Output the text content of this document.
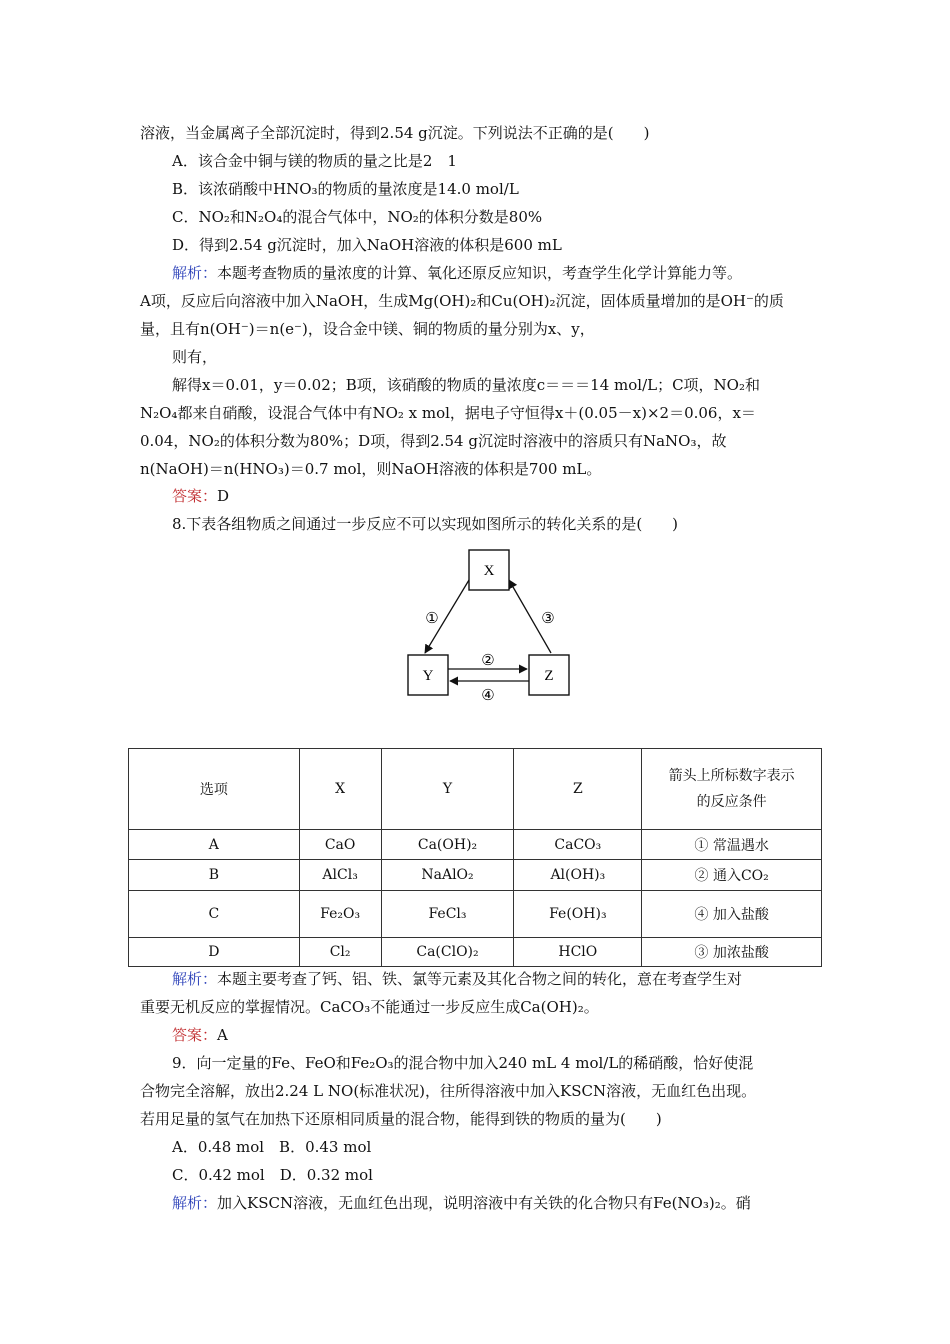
溶液，当金属离子全部沉淀时，得到2.54 g沉淀。下列说法不正确的是(　　)
A．该合金中铜与镁的物质的量之比是2　1
B．该浓硝酸中HNO₃的物质的量浓度是14.0 mol/L
C．NO₂和N₂O₄的混合气体中，NO₂的体积分数是80%
D．得到2.54 g沉淀时，加入NaOH溶液的体积是600 mL
解析：本题考查物质的量浓度的计算、氧化还原反应知识，考查学生化学计算能力等。
A项，反应后向溶液中加入NaOH，生成Mg(OH)₂和Cu(OH)₂沉淀，固体质量增加的是OH⁻的质
量，且有n(OH⁻)＝n(e⁻)，设合金中镁、铜的物质的量分别为x、y，
则有，
解得x＝0.01，y＝0.02；B项，该硝酸的物质的量浓度c＝＝＝14 mol/L；C项，NO₂和
N₂O₄都来自硝酸，设混合气体中有NO₂ x mol，据电子守恒得x＋(0.05－x)×2＝0.06，x＝
0.04，NO₂的体积分数为80%；D项，得到2.54 g沉淀时溶液中的溶质只有NaNO₃，故
n(NaOH)＝n(HNO₃)＝0.7 mol，则NaOH溶液的体积是700 mL。
答案：D
8.下表各组物质之间通过一步反应不可以实现如图所示的转化关系的是(　　)
X
Y	Z
①	③
②
④
选项	X	Y	Z	箭头上所标数字表示
的反应条件
A	CaO	Ca(OH)₂	CaCO₃	① 常温遇水
B	AlCl₃	NaAlO₂	Al(OH)₃	② 通入CO₂
C	Fe₂O₃	FeCl₃	Fe(OH)₃	④ 加入盐酸
D	Cl₂	Ca(ClO)₂	HClO	③ 加浓盐酸
解析：本题主要考查了钙、铝、铁、氯等元素及其化合物之间的转化，意在考查学生对
重要无机反应的掌握情况。CaCO₃不能通过一步反应生成Ca(OH)₂。
答案：A
9．向一定量的Fe、FeO和Fe₂O₃的混合物中加入240 mL 4 mol/L的稀硝酸，恰好使混
合物完全溶解，放出2.24 L NO(标准状况)，往所得溶液中加入KSCN溶液，无血红色出现。
若用足量的氢气在加热下还原相同质量的混合物，能得到铁的物质的量为(　　)
A．0.48 mol　B．0.43 mol
C．0.42 mol　D．0.32 mol
解析：加入KSCN溶液，无血红色出现，说明溶液中有关铁的化合物只有Fe(NO₃)₂。硝
